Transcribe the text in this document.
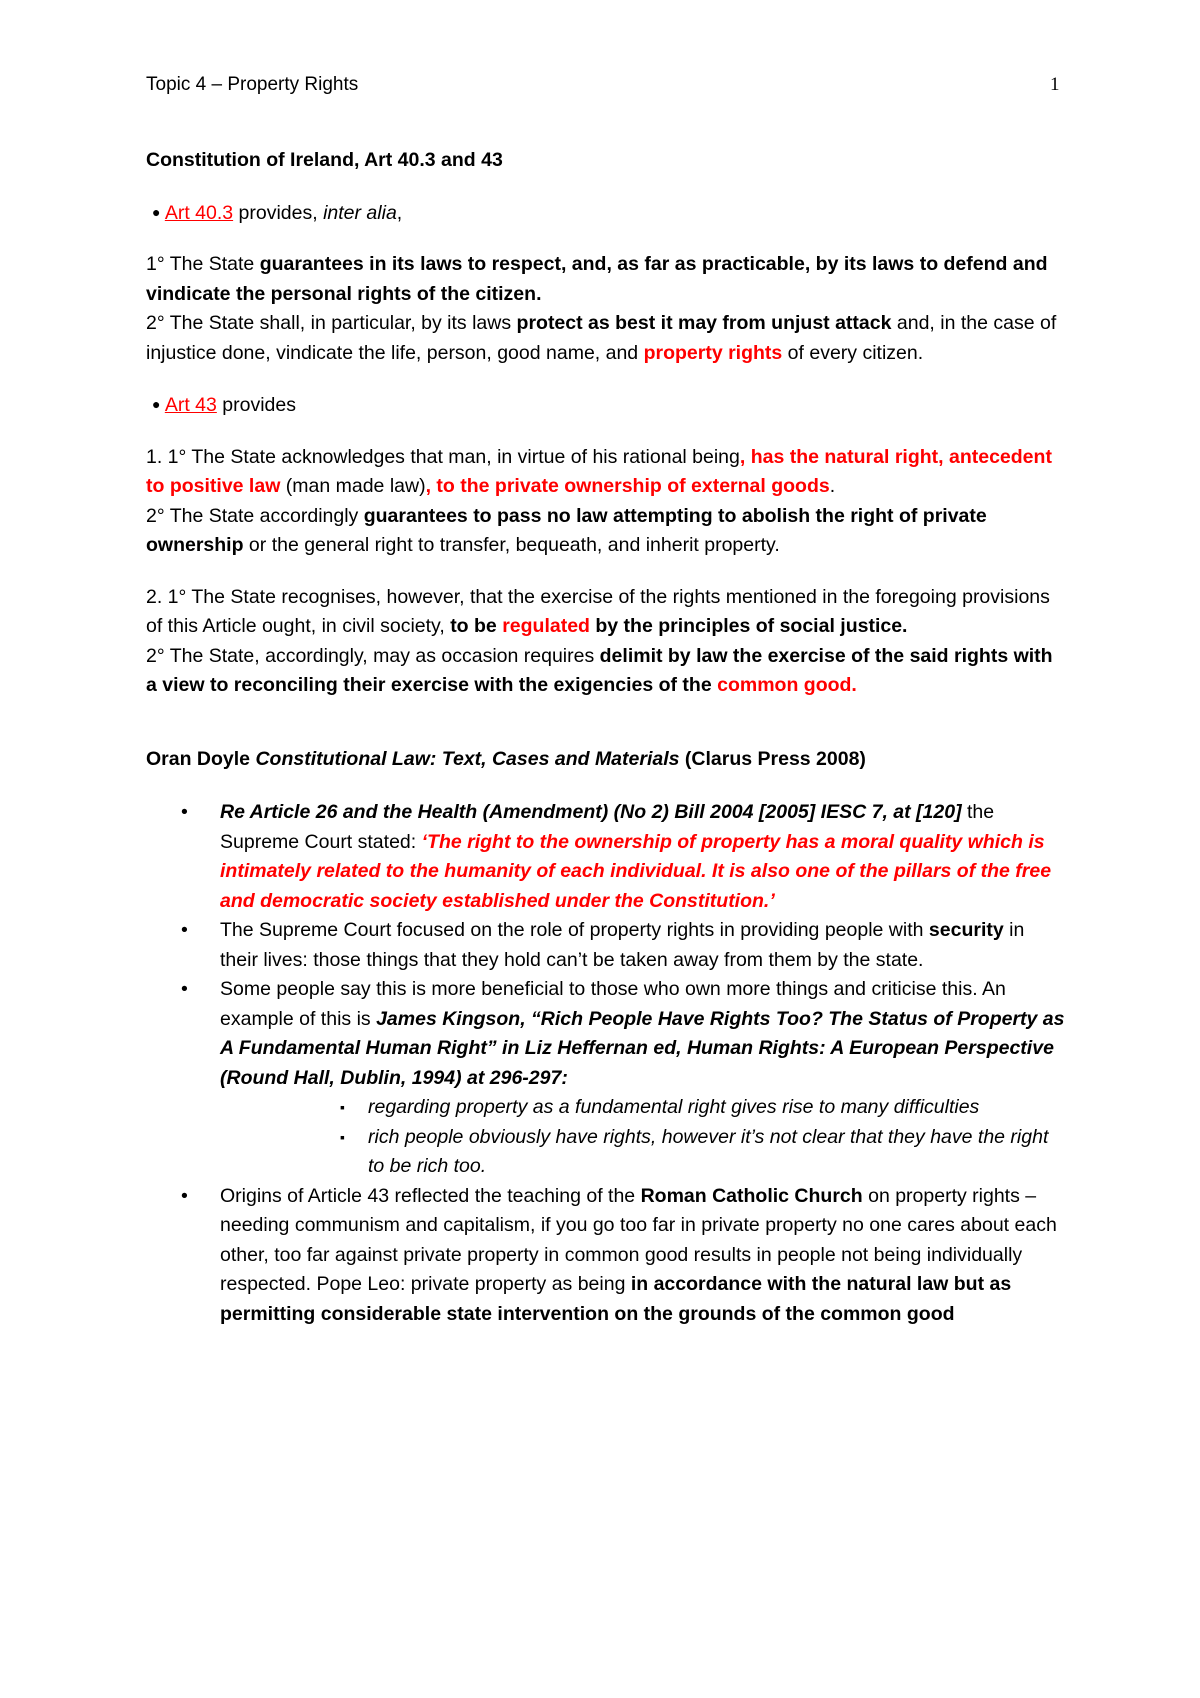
Topic 4 – Property Rights	1

Constitution of Ireland, Art 40.3 and 43

● Art 40.3 provides, inter alia,

1° The State guarantees in its laws to respect, and, as far as practicable, by its laws to defend and vindicate the personal rights of the citizen.

2° The State shall, in particular, by its laws protect as best it may from unjust attack and, in the case of injustice done, vindicate the life, person, good name, and property rights of every citizen.

● Art 43 provides

1. 1° The State acknowledges that man, in virtue of his rational being, has the natural right, antecedent to positive law (man made law), to the private ownership of external goods.

2° The State accordingly guarantees to pass no law attempting to abolish the right of private ownership or the general right to transfer, bequeath, and inherit property.

2. 1° The State recognises, however, that the exercise of the rights mentioned in the foregoing provisions of this Article ought, in civil society, to be regulated by the principles of social justice.

2° The State, accordingly, may as occasion requires delimit by law the exercise of the said rights with a view to reconciling their exercise with the exigencies of the common good.

Oran Doyle Constitutional Law: Text, Cases and Materials (Clarus Press 2008)

• Re Article 26 and the Health (Amendment) (No 2) Bill 2004 [2005] IESC 7, at [120] the Supreme Court stated: ‘The right to the ownership of property has a moral quality which is intimately related to the humanity of each individual. It is also one of the pillars of the free and democratic society established under the Constitution.’
• The Supreme Court focused on the role of property rights in providing people with security in their lives: those things that they hold can’t be taken away from them by the state.
• Some people say this is more beneficial to those who own more things and criticise this. An example of this is James Kingson, “Rich People Have Rights Too? The Status of Property as A Fundamental Human Right” in Liz Heffernan ed, Human Rights: A European Perspective (Round Hall, Dublin, 1994) at 296-297:
▪ regarding property as a fundamental right gives rise to many difficulties
▪ rich people obviously have rights, however it’s not clear that they have the right to be rich too.
• Origins of Article 43 reflected the teaching of the Roman Catholic Church on property rights – needing communism and capitalism, if you go too far in private property no one cares about each other, too far against private property in common good results in people not being individually respected. Pope Leo: private property as being in accordance with the natural law but as permitting considerable state intervention on the grounds of the common good
